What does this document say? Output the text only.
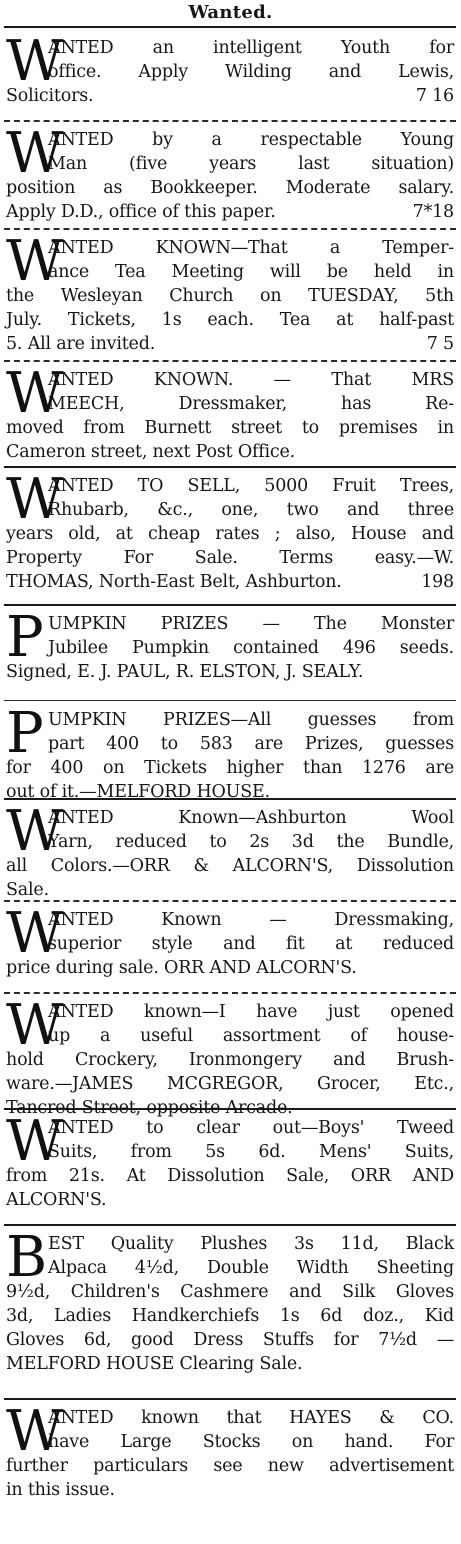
Wanted.
W
ANTED an intelligent Youth for
office. Apply Wilding and Lewis,
Solicitors.	7 16
W
ANTED by a respectable Young
Man (five years last situation)
position as Bookkeeper. Moderate salary.
Apply D.D., office of this paper.	7*18
W
ANTED KNOWN—That a Temper-
ance Tea Meeting will be held in
the Wesleyan Church on TUESDAY, 5th
July. Tickets, 1s each. Tea at half-past
5. All are invited.	7 5
W
ANTED KNOWN. — That MRS
MEECH, Dressmaker, has Re-
moved from Burnett street to premises in
Cameron street, next Post Office.
W
ANTED TO SELL, 5000 Fruit Trees,
Rhubarb, &c., one, two and three
years old, at cheap rates ; also, House and
Property For Sale. Terms easy.—W.
THOMAS, North-East Belt, Ashburton.	198
P UMPKIN PRIZES — The Monster
Jubilee Pumpkin contained 496 seeds.
Signed, E. J. PAUL, R. ELSTON, J. SEALY.
P UMPKIN PRIZES—All guesses from
part 400 to 583 are Prizes, guesses
for 400 on Tickets higher than 1276 are
out of it.—MELFORD HOUSE.
W
ANTED Known—Ashburton Wool
Yarn, reduced to 2s 3d the Bundle,
all Colors.—ORR & ALCORN'S, Dissolution
Sale.
W
ANTED Known — Dressmaking,
superior style and fit at reduced
price during sale. ORR AND ALCORN'S.
W
ANTED known—I have just opened
up a useful assortment of house-
hold Crockery, Ironmongery and Brush-
ware.—JAMES MCGREGOR, Grocer, Etc.,
Tancred Street, opposite Arcade.
W
ANTED to clear out—Boys' Tweed
Suits, from 5s 6d. Mens' Suits,
from 21s. At Dissolution Sale, ORR AND
ALCORN'S.
B EST Quality Plushes 3s 11d, Black
Alpaca 4½d, Double Width Sheeting
9½d, Children's Cashmere and Silk Gloves
3d, Ladies Handkerchiefs 1s 6d doz., Kid
Gloves 6d, good Dress Stuffs for 7½d —
MELFORD HOUSE Clearing Sale.
W
ANTED known that HAYES & CO.
have Large Stocks on hand. For
further particulars see new advertisement
in this issue.
